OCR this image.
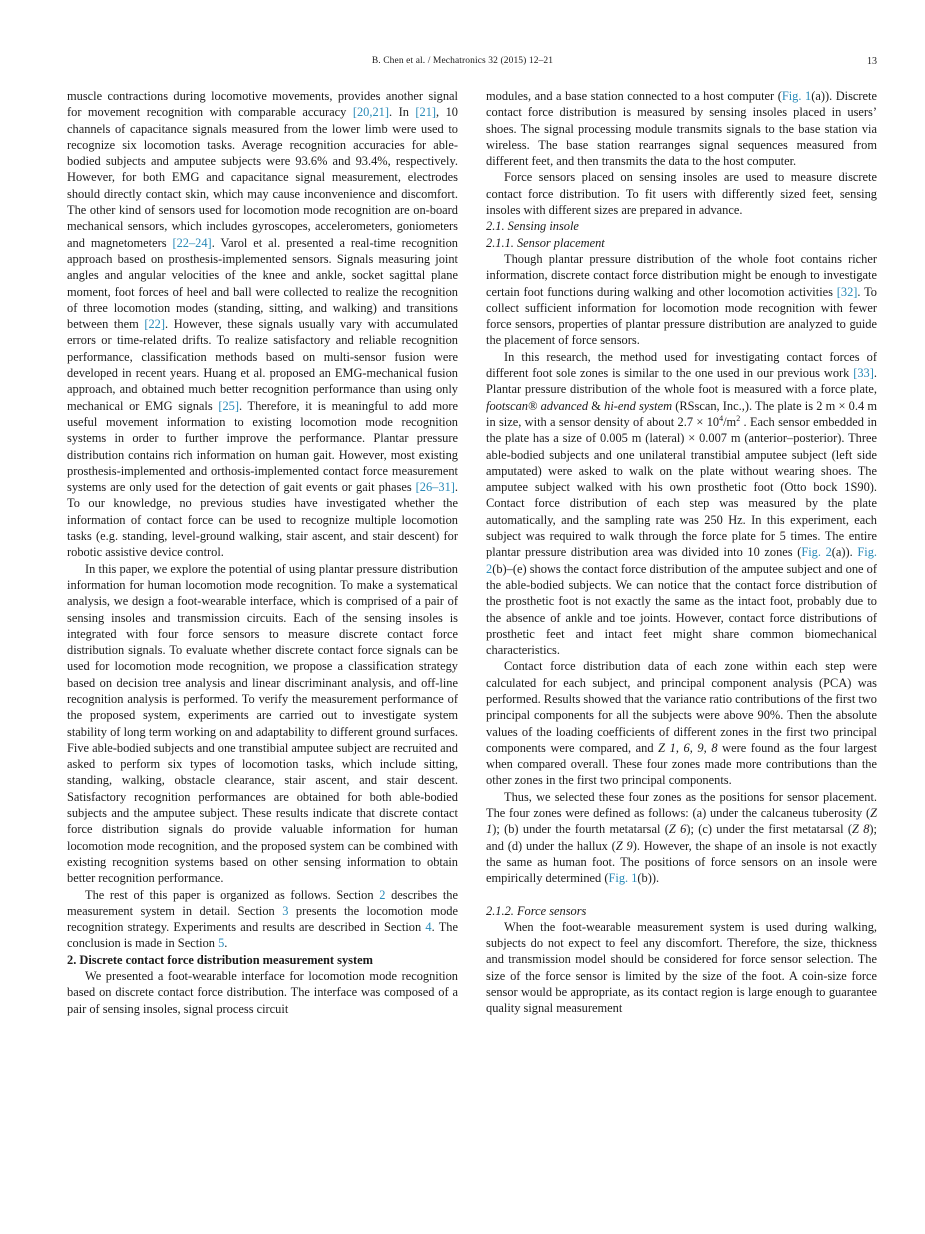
B. Chen et al. / Mechatronics 32 (2015) 12–21	13

muscle contractions during locomotive movements, provides another signal for movement recognition with comparable accuracy [20,21]. In [21], 10 channels of capacitance signals measured from the lower limb were used to recognize six locomotion tasks. Average recognition accuracies for able-bodied subjects and amputee subjects were 93.6% and 93.4%, respectively. However, for both EMG and capacitance signal measurement, electrodes should directly contact skin, which may cause inconvenience and discomfort. The other kind of sensors used for locomotion mode recognition are on-board mechanical sensors, which includes gyroscopes, accelerometers, goniometers and magnetometers [22–24]. Varol et al. presented a real-time recognition approach based on prosthesis-implemented sensors. Signals measuring joint angles and angular velocities of the knee and ankle, socket sagittal plane moment, foot forces of heel and ball were collected to realize the recognition of three locomotion modes (standing, sitting, and walking) and transitions between them [22]. However, these signals usually vary with accumulated errors or time-related drifts. To realize satisfactory and reliable recognition performance, classification methods based on multi-sensor fusion were developed in recent years. Huang et al. proposed an EMG-mechanical fusion approach, and obtained much better recognition performance than using only mechanical or EMG signals [25]. Therefore, it is meaningful to add more useful movement information to existing locomotion mode recognition systems in order to further improve the performance. Plantar pressure distribution contains rich information on human gait. However, most existing prosthesis-implemented and orthosis-implemented contact force measurement systems are only used for the detection of gait events or gait phases [26–31]. To our knowledge, no previous studies have investigated whether the information of contact force can be used to recognize multiple locomotion tasks (e.g. standing, level-ground walking, stair ascent, and stair descent) for robotic assistive device control.

In this paper, we explore the potential of using plantar pressure distribution information for human locomotion mode recognition. To make a systematical analysis, we design a foot-wearable interface, which is comprised of a pair of sensing insoles and transmission circuits. Each of the sensing insoles is integrated with four force sensors to measure discrete contact force distribution signals. To evaluate whether discrete contact force signals can be used for locomotion mode recognition, we propose a classification strategy based on decision tree analysis and linear discriminant analysis, and off-line recognition analysis is performed. To verify the measurement performance of the proposed system, experiments are carried out to investigate system stability of long term working on and adaptability to different ground surfaces. Five able-bodied subjects and one transtibial amputee subject are recruited and asked to perform six types of locomotion tasks, which include sitting, standing, walking, obstacle clearance, stair ascent, and stair descent. Satisfactory recognition performances are obtained for both able-bodied subjects and the amputee subject. These results indicate that discrete contact force distribution signals do provide valuable information for human locomotion mode recognition, and the proposed system can be combined with existing recognition systems based on other sensing information to obtain better recognition performance.

The rest of this paper is organized as follows. Section 2 describes the measurement system in detail. Section 3 presents the locomotion mode recognition strategy. Experiments and results are described in Section 4. The conclusion is made in Section 5.

2. Discrete contact force distribution measurement system

We presented a foot-wearable interface for locomotion mode recognition based on discrete contact force distribution. The interface was composed of a pair of sensing insoles, signal process circuit

modules, and a base station connected to a host computer (Fig. 1(a)). Discrete contact force distribution is measured by sensing insoles placed in users’ shoes. The signal processing module transmits signals to the base station via wireless. The base station rearranges signal sequences measured from different feet, and then transmits the data to the host computer.

Force sensors placed on sensing insoles are used to measure discrete contact force distribution. To fit users with differently sized feet, sensing insoles with different sizes are prepared in advance.

2.1. Sensing insole

2.1.1. Sensor placement

Though plantar pressure distribution of the whole foot contains richer information, discrete contact force distribution might be enough to investigate certain foot functions during walking and other locomotion activities [32]. To collect sufficient information for locomotion mode recognition with fewer force sensors, properties of plantar pressure distribution are analyzed to guide the placement of force sensors.

In this research, the method used for investigating contact forces of different foot sole zones is similar to the one used in our previous work [33]. Plantar pressure distribution of the whole foot is measured with a force plate, footscan® advanced & hi-end system (RSscan, Inc.,). The plate is 2 m × 0.4 m in size, with a sensor density of about $2.7 \times 10^4/m^2$ . Each sensor embedded in the plate has a size of 0.005 m (lateral) × 0.007 m (anterior–posterior). Three able-bodied subjects and one unilateral transtibial amputee subject (left side amputated) were asked to walk on the plate without wearing shoes. The amputee subject walked with his own prosthetic foot (Otto bock 1S90). Contact force distribution of each step was measured by the plate automatically, and the sampling rate was 250 Hz. In this experiment, each subject was required to walk through the force plate for 5 times. The entire plantar pressure distribution area was divided into 10 zones (Fig. 2(a)). Fig. 2(b)–(e) shows the contact force distribution of the amputee subject and one of the able-bodied subjects. We can notice that the contact force distribution of the prosthetic foot is not exactly the same as the intact foot, probably due to the absence of ankle and toe joints. However, contact force distributions of prosthetic feet and intact feet might share common biomechanical characteristics.

Contact force distribution data of each zone within each step were calculated for each subject, and principal component analysis (PCA) was performed. Results showed that the variance ratio contributions of the first two principal components for all the subjects were above 90%. Then the absolute values of the loading coefficients of different zones in the first two principal components were compared, and Z 1, 6, 9, 8 were found as the four largest when compared overall. These four zones made more contributions than the other zones in the first two principal components.

Thus, we selected these four zones as the positions for sensor placement. The four zones were defined as follows: (a) under the calcaneus tuberosity (Z 1); (b) under the fourth metatarsal (Z 6); (c) under the first metatarsal (Z 8); and (d) under the hallux (Z 9). However, the shape of an insole is not exactly the same as human foot. The positions of force sensors on an insole were empirically determined (Fig. 1(b)).

2.1.2. Force sensors

When the foot-wearable measurement system is used during walking, subjects do not expect to feel any discomfort. Therefore, the size, thickness and transmission model should be considered for force sensor selection. The size of the force sensor is limited by the size of the foot. A coin-size force sensor would be appropriate, as its contact region is large enough to guarantee quality signal measurement
